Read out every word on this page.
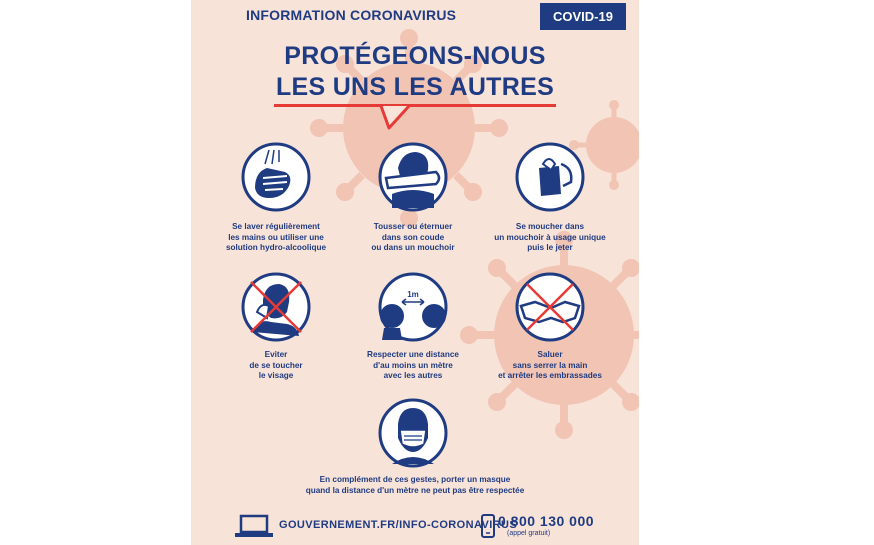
INFORMATION CORONAVIRUS	COVID-19
PROTÉGEONS-NOUS
LES UNS LES AUTRES
Se laver régulièrement
les mains ou utiliser une
solution hydro-alcoolique
Tousser ou éternuer
dans son coude
ou dans un mouchoir
Se moucher dans
un mouchoir à usage unique
puis le jeter
1m
Eviter
de se toucher
le visage
Respecter une distance
d'au moins un mètre
avec les autres
Saluer
sans serrer la main
et arrêter les embrassades
En complément de ces gestes, porter un masque
quand la distance d'un mètre ne peut pas être respectée
GOUVERNEMENT.FR/INFO-CORONAVIRUS
0 800 130 000
(appel gratuit)
